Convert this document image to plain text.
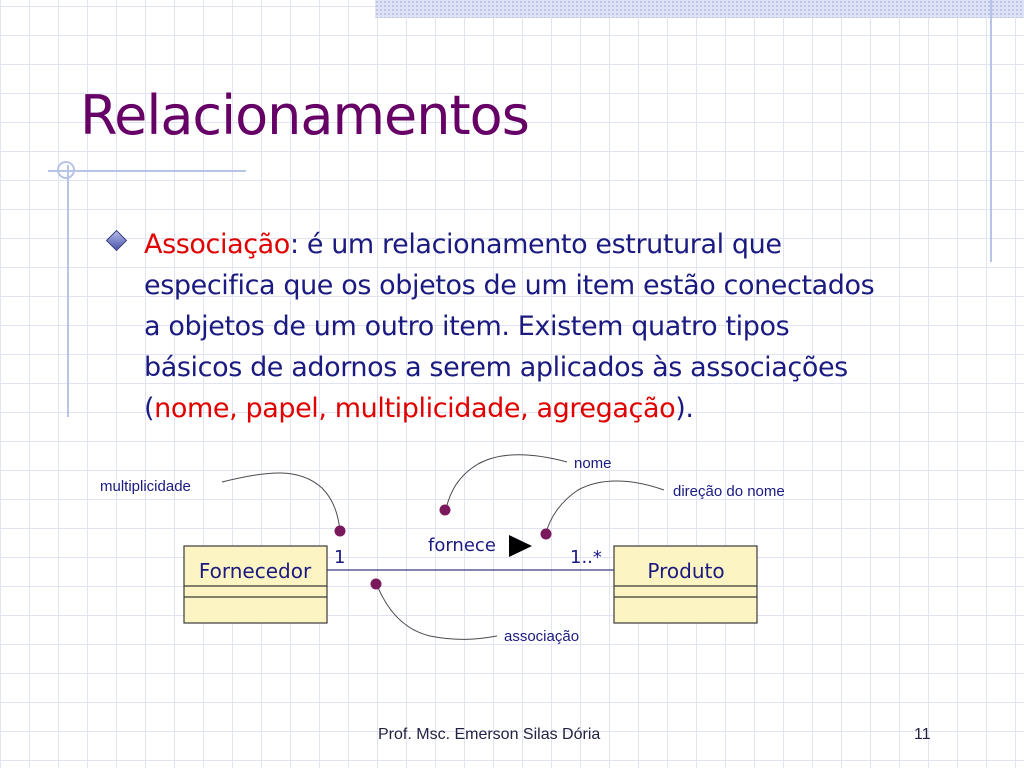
Relacionamentos
Associação: é um relacionamento estrutural que
especifica que os objetos de um item estão conectados
a objetos de um outro item. Existem quatro tipos
básicos de adornos a serem aplicados às associações
(nome, papel, multiplicidade, agregação).
Fornecedor	Produto
1	1..*
fornece
multiplicidade
nome
direção do nome
associação
Prof. Msc. Emerson Silas Dória	11
